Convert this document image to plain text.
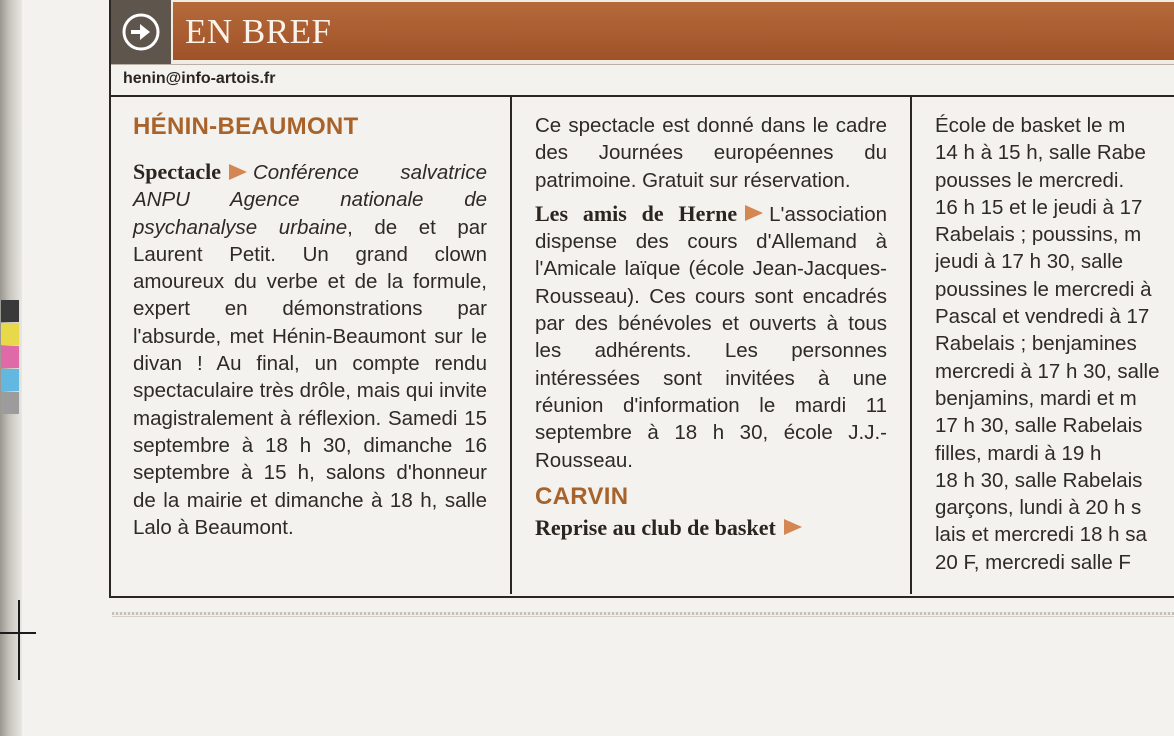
EN BREF
henin@info-artois.fr
HÉNIN-BEAUMONT

Spectacle Conférence salvatrice ANPU Agence nationale de psychanalyse urbaine, de et par Laurent Petit. Un grand clown amoureux du verbe et de la formule, expert en démonstrations par l'absurde, met Hénin-Beaumont sur le divan ! Au final, un compte rendu spectaculaire très drôle, mais qui invite magistralement à réflexion. Samedi 15 septembre à 18 h 30, dimanche 16 septembre à 15 h, salons d'honneur de la mairie et dimanche à 18 h, salle Lalo à Beaumont.

Ce spectacle est donné dans le cadre des Journées européennes du patrimoine. Gratuit sur réservation.

Les amis de Herne L'association dispense des cours d'Allemand à l'Amicale laïque (école Jean-Jacques-Rousseau). Ces cours sont encadrés par des bénévoles et ouverts à tous les adhérents. Les personnes intéressées sont invitées à une réunion d'information le mardi 11 septembre à 18 h 30, école J.J.-Rousseau.

CARVIN

Reprise au club de basket

École de basket le m
14 h à 15 h, salle Rabe
pousses le mercredi.
16 h 15 et le jeudi à 17
Rabelais ; poussins, m
jeudi à 17 h 30, salle
poussines le mercredi à
Pascal et vendredi à 17
Rabelais ; benjamines
mercredi à 17 h 30, salle
benjamins, mardi et m
17 h 30, salle Rabelais
filles, mardi à 19 h
18 h 30, salle Rabelais
garçons, lundi à 20 h s
lais et mercredi 18 h sa
20 F, mercredi salle F
